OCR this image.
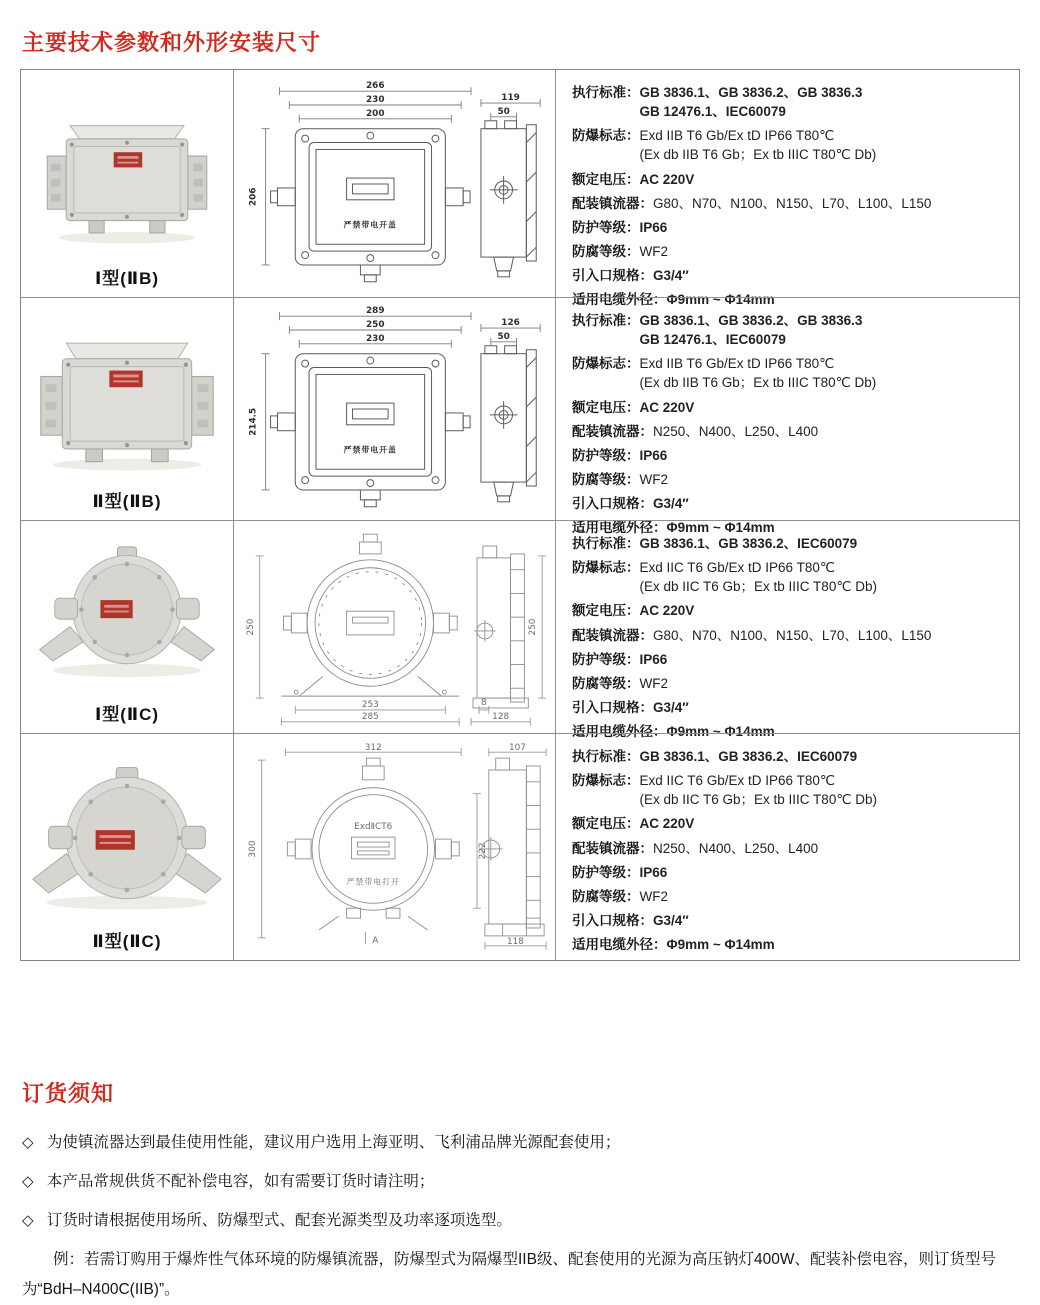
主要技术参数和外形安装尺寸
Ⅰ型(ⅡB)
266
230
200
206
119
50
严禁带电开盖
执行标准： GB 3836.1、GB 3836.2、GB 3836.3
GB 12476.1、IEC60079
防爆标志： Exd IIB T6 Gb/Ex tD IP66 T80℃
(Ex db IIB T6 Gb；Ex tb IIIC T80℃ Db)
额定电压： AC 220V
配装镇流器： G80、N70、N100、N150、L70、L100、L150
防护等级： IP66
防腐等级： WF2
引入口规格： G3/4″
适用电缆外径： Φ9mm ~ Φ14mm
Ⅱ型(ⅡB)
289
250
230
214.5
126
50
严禁带电开盖
执行标准： GB 3836.1、GB 3836.2、GB 3836.3
GB 12476.1、IEC60079
防爆标志： Exd IIB T6 Gb/Ex tD IP66 T80℃
(Ex db IIB T6 Gb；Ex tb IIIC T80℃ Db)
额定电压： AC 220V
配装镇流器： N250、N400、L250、L400
防护等级： IP66
防腐等级： WF2
引入口规格： G3/4″
适用电缆外径： Φ9mm ~ Φ14mm
Ⅰ型(ⅡC)
250
253
285
250
8
128
执行标准： GB 3836.1、GB 3836.2、IEC60079
防爆标志： Exd IIC T6 Gb/Ex tD IP66 T80℃
(Ex db IIC T6 Gb；Ex tb IIIC T80℃ Db)
额定电压： AC 220V
配装镇流器： G80、N70、N100、N150、L70、L100、L150
防护等级： IP66
防腐等级： WF2
引入口规格： G3/4″
适用电缆外径： Φ9mm ~ Φ14mm
Ⅱ型(ⅡC)
312
300	222
107
118
ExdⅡCT6
严禁带电打开
A
执行标准： GB 3836.1、GB 3836.2、IEC60079
防爆标志： Exd IIC T6 Gb/Ex tD IP66 T80℃
(Ex db IIC T6 Gb；Ex tb IIIC T80℃ Db)
额定电压： AC 220V
配装镇流器： N250、N400、L250、L400
防护等级： IP66
防腐等级： WF2
引入口规格： G3/4″
适用电缆外径： Φ9mm ~ Φ14mm
订货须知
◇ 为使镇流器达到最佳使用性能，建议用户选用上海亚明、飞利浦品牌光源配套使用；
◇ 本产品常规供货不配补偿电容，如有需要订货时请注明；
◇ 订货时请根据使用场所、防爆型式、配套光源类型及功率逐项选型。
例：若需订购用于爆炸性气体环境的防爆镇流器，防爆型式为隔爆型IIB级、配套使用的光源为高压钠灯400W、配装补偿电容，则订货型号为“BdH–N400C(IIB)”。
